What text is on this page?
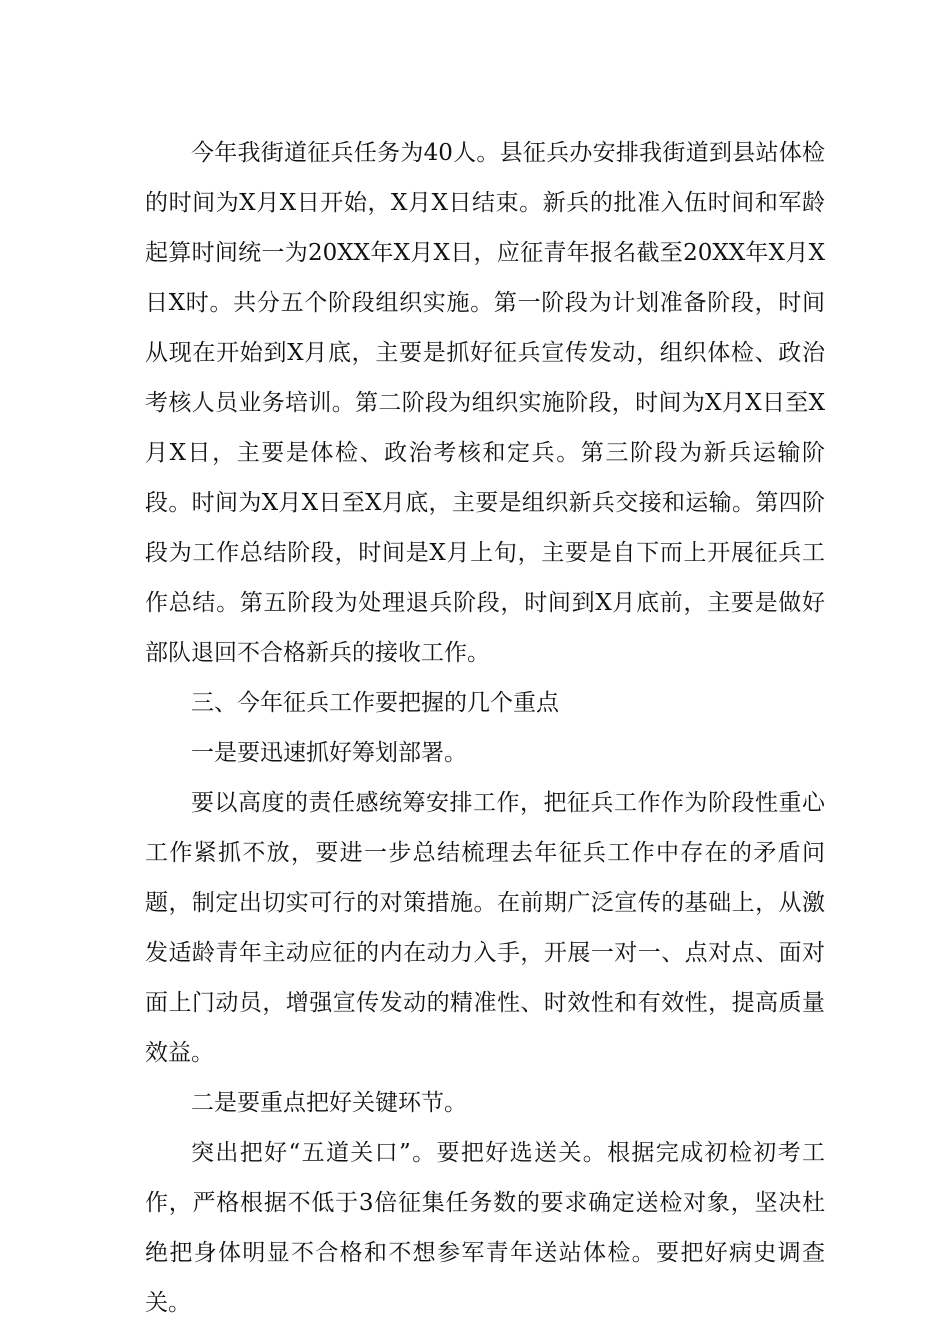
今年我街道征兵任务为40人。县征兵办安排我街道到县站体检的时间为X月X日开始，X月X日结束。新兵的批准入伍时间和军龄起算时间统一为20XX年X月X日，应征青年报名截至20XX年X月X日X时。共分五个阶段组织实施。第一阶段为计划准备阶段，时间从现在开始到X月底，主要是抓好征兵宣传发动，组织体检、政治考核人员业务培训。第二阶段为组织实施阶段，时间为X月X日至X月X日，主要是体检、政治考核和定兵。第三阶段为新兵运输阶段。时间为X月X日至X月底，主要是组织新兵交接和运输。第四阶段为工作总结阶段，时间是X月上旬，主要是自下而上开展征兵工作总结。第五阶段为处理退兵阶段，时间到X月底前，主要是做好部队退回不合格新兵的接收工作。

三、今年征兵工作要把握的几个重点

一是要迅速抓好筹划部署。

要以高度的责任感统筹安排工作，把征兵工作作为阶段性重心工作紧抓不放，要进一步总结梳理去年征兵工作中存在的矛盾问题，制定出切实可行的对策措施。在前期广泛宣传的基础上，从激发适龄青年主动应征的内在动力入手，开展一对一、点对点、面对面上门动员，增强宣传发动的精准性、时效性和有效性，提高质量效益。

二是要重点把好关键环节。

突出把好“五道关口”。要把好选送关。根据完成初检初考工作，严格根据不低于3倍征集任务数的要求确定送检对象，坚决杜绝把身体明显不合格和不想参军青年送站体检。要把好病史调查关。
